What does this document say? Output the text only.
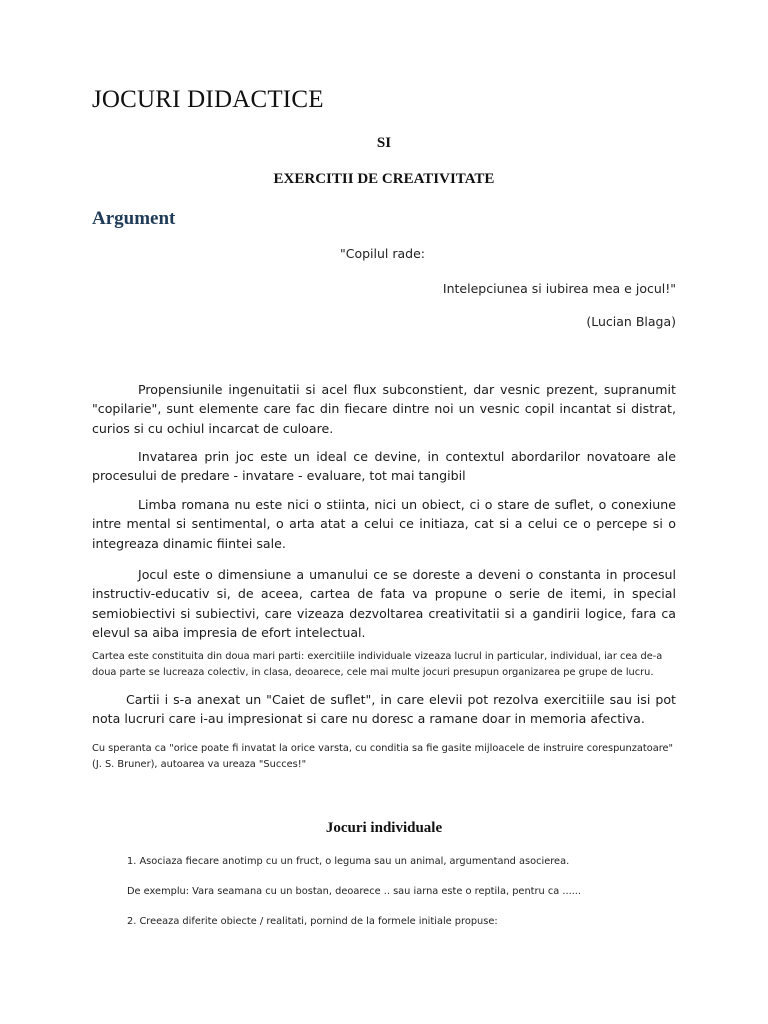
JOCURI DIDACTICE
SI
EXERCITII DE CREATIVITATE
Argument
"Copilul rade:
Intelepciunea si iubirea mea e jocul!"
(Lucian Blaga)

Propensiunile ingenuitatii si acel flux subconstient, dar vesnic prezent, supranumit "copilarie", sunt elemente care fac din fiecare dintre noi un vesnic copil incantat si distrat, curios si cu ochiul incarcat de culoare.

Invatarea prin joc este un ideal ce devine, in contextul abordarilor novatoare ale procesului de predare - invatare - evaluare, tot mai tangibil

Limba romana nu este nici o stiinta, nici un obiect, ci o stare de suflet, o conexiune intre mental si sentimental, o arta atat a celui ce initiaza, cat si a celui ce o percepe si o integreaza dinamic fiintei sale.

Jocul este o dimensiune a umanului ce se doreste a deveni o constanta in procesul instructiv-educativ si, de aceea, cartea de fata va propune o serie de itemi, in special semiobiectivi si subiectivi, care vizeaza dezvoltarea creativitatii si a gandirii logice, fara ca elevul sa aiba impresia de efort intelectual.

Cartea este constituita din doua mari parti: exercitiile individuale vizeaza lucrul in particular, individual, iar cea de-a doua parte se lucreaza colectiv, in clasa, deoarece, cele mai multe jocuri presupun organizarea pe grupe de lucru.

Cartii i s-a anexat un "Caiet de suflet", in care elevii pot rezolva exercitiile sau isi pot nota lucruri care i-au impresionat si care nu doresc a ramane doar in memoria afectiva.

Cu speranta ca "orice poate fi invatat la orice varsta, cu conditia sa fie gasite mijloacele de instruire corespunzatoare" (J. S. Bruner), autoarea va ureaza "Succes!"

Jocuri individuale
1. Asociaza fiecare anotimp cu un fruct, o leguma sau un animal, argumentand asocierea.
De exemplu: Vara seamana cu un bostan, deoarece .. sau iarna este o reptila, pentru ca ......
2. Creeaza diferite obiecte / realitati, pornind de la formele initiale propuse:
